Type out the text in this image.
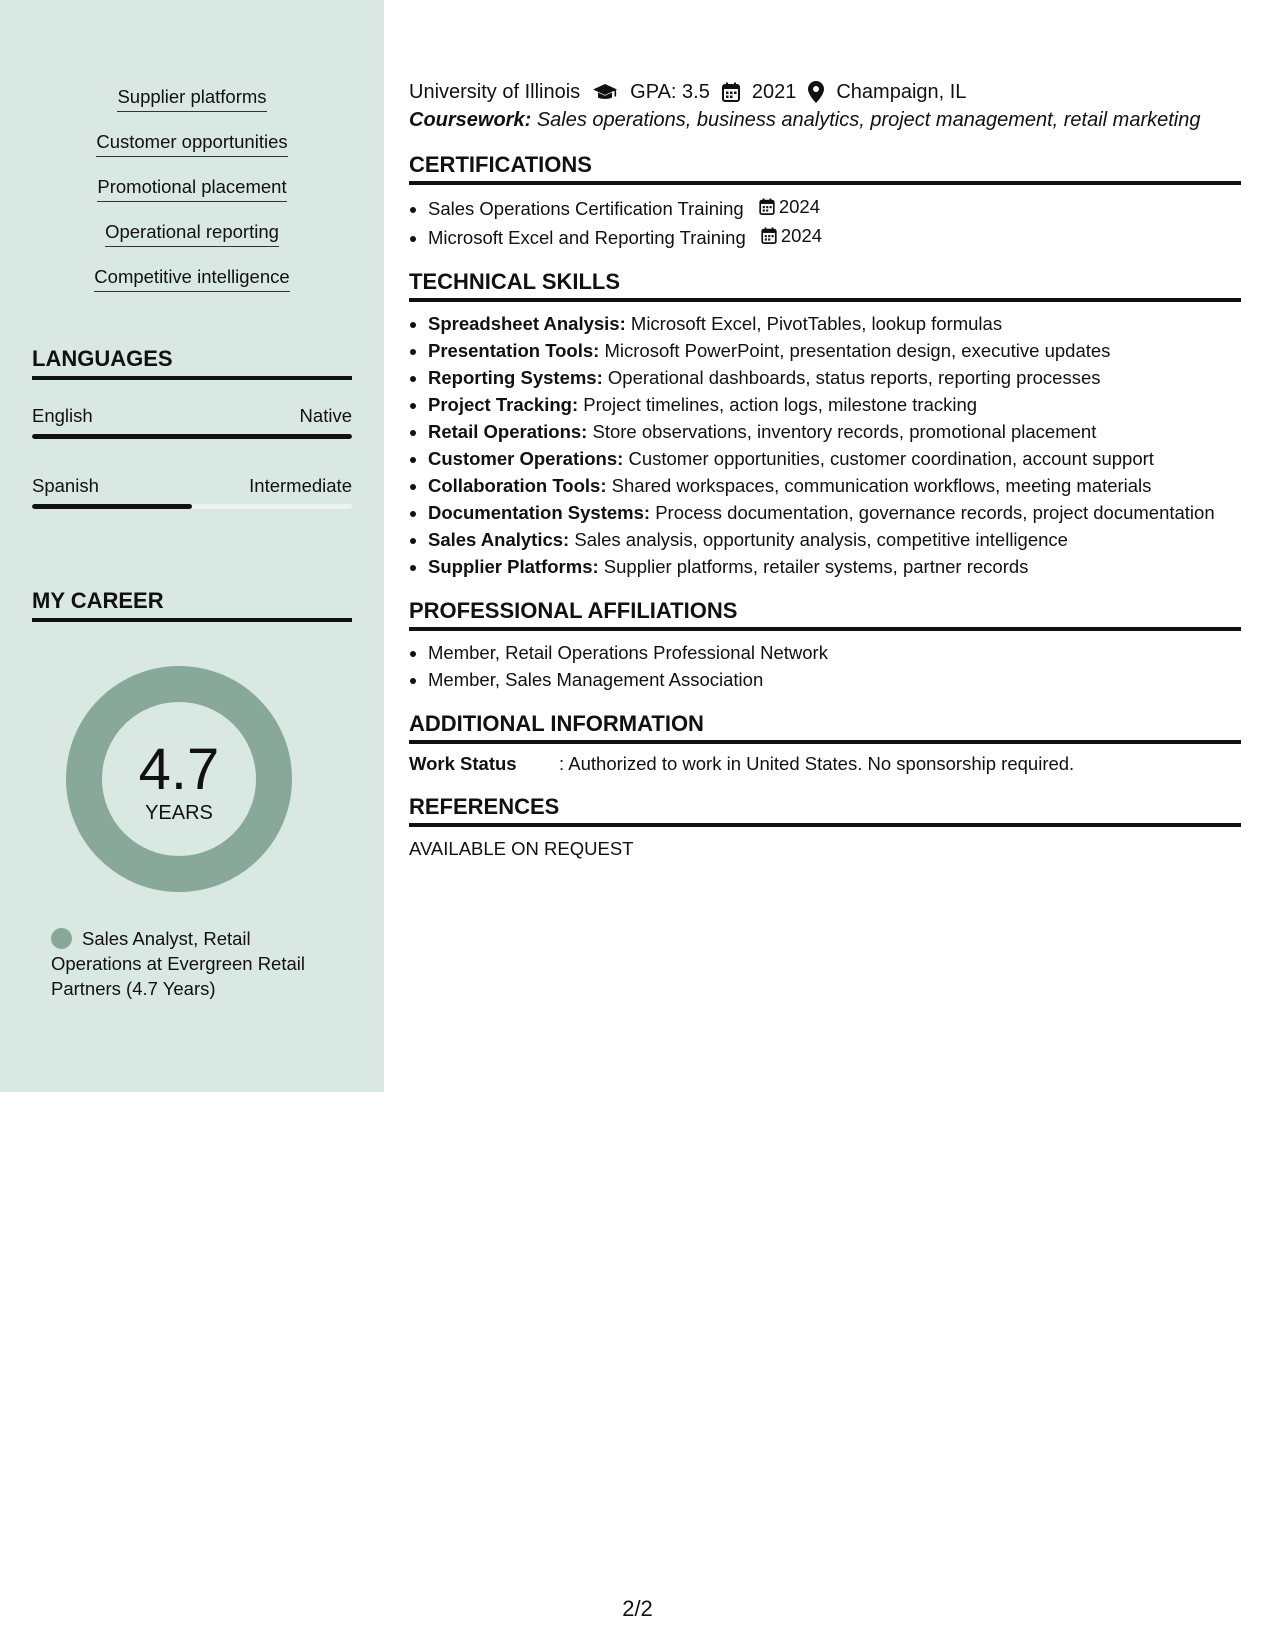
Supplier platforms
Customer opportunities
Promotional placement
Operational reporting
Competitive intelligence
LANGUAGES
English	Native
Spanish	Intermediate
MY CAREER
4.7
YEARS
Sales Analyst, Retail Operations at Evergreen Retail Partners (4.7 Years)
University of Illinois	GPA: 3.5 2021 Champaign, IL
Coursework: Sales operations, business analytics, project management, retail marketing
CERTIFICATIONS
• Sales Operations Certification Training 2024
• Microsoft Excel and Reporting Training 2024
TECHNICAL SKILLS
• Spreadsheet Analysis: Microsoft Excel, PivotTables, lookup formulas
• Presentation Tools: Microsoft PowerPoint, presentation design, executive updates
• Reporting Systems: Operational dashboards, status reports, reporting processes
• Project Tracking: Project timelines, action logs, milestone tracking
• Retail Operations: Store observations, inventory records, promotional placement
• Customer Operations: Customer opportunities, customer coordination, account support
• Collaboration Tools: Shared workspaces, communication workflows, meeting materials
• Documentation Systems: Process documentation, governance records, project documentation
• Sales Analytics: Sales analysis, opportunity analysis, competitive intelligence
• Supplier Platforms: Supplier platforms, retailer systems, partner records
PROFESSIONAL AFFILIATIONS
• Member, Retail Operations Professional Network
• Member, Sales Management Association
ADDITIONAL INFORMATION
Work Status	: Authorized to work in United States. No sponsorship required.
REFERENCES
AVAILABLE ON REQUEST
2/2
